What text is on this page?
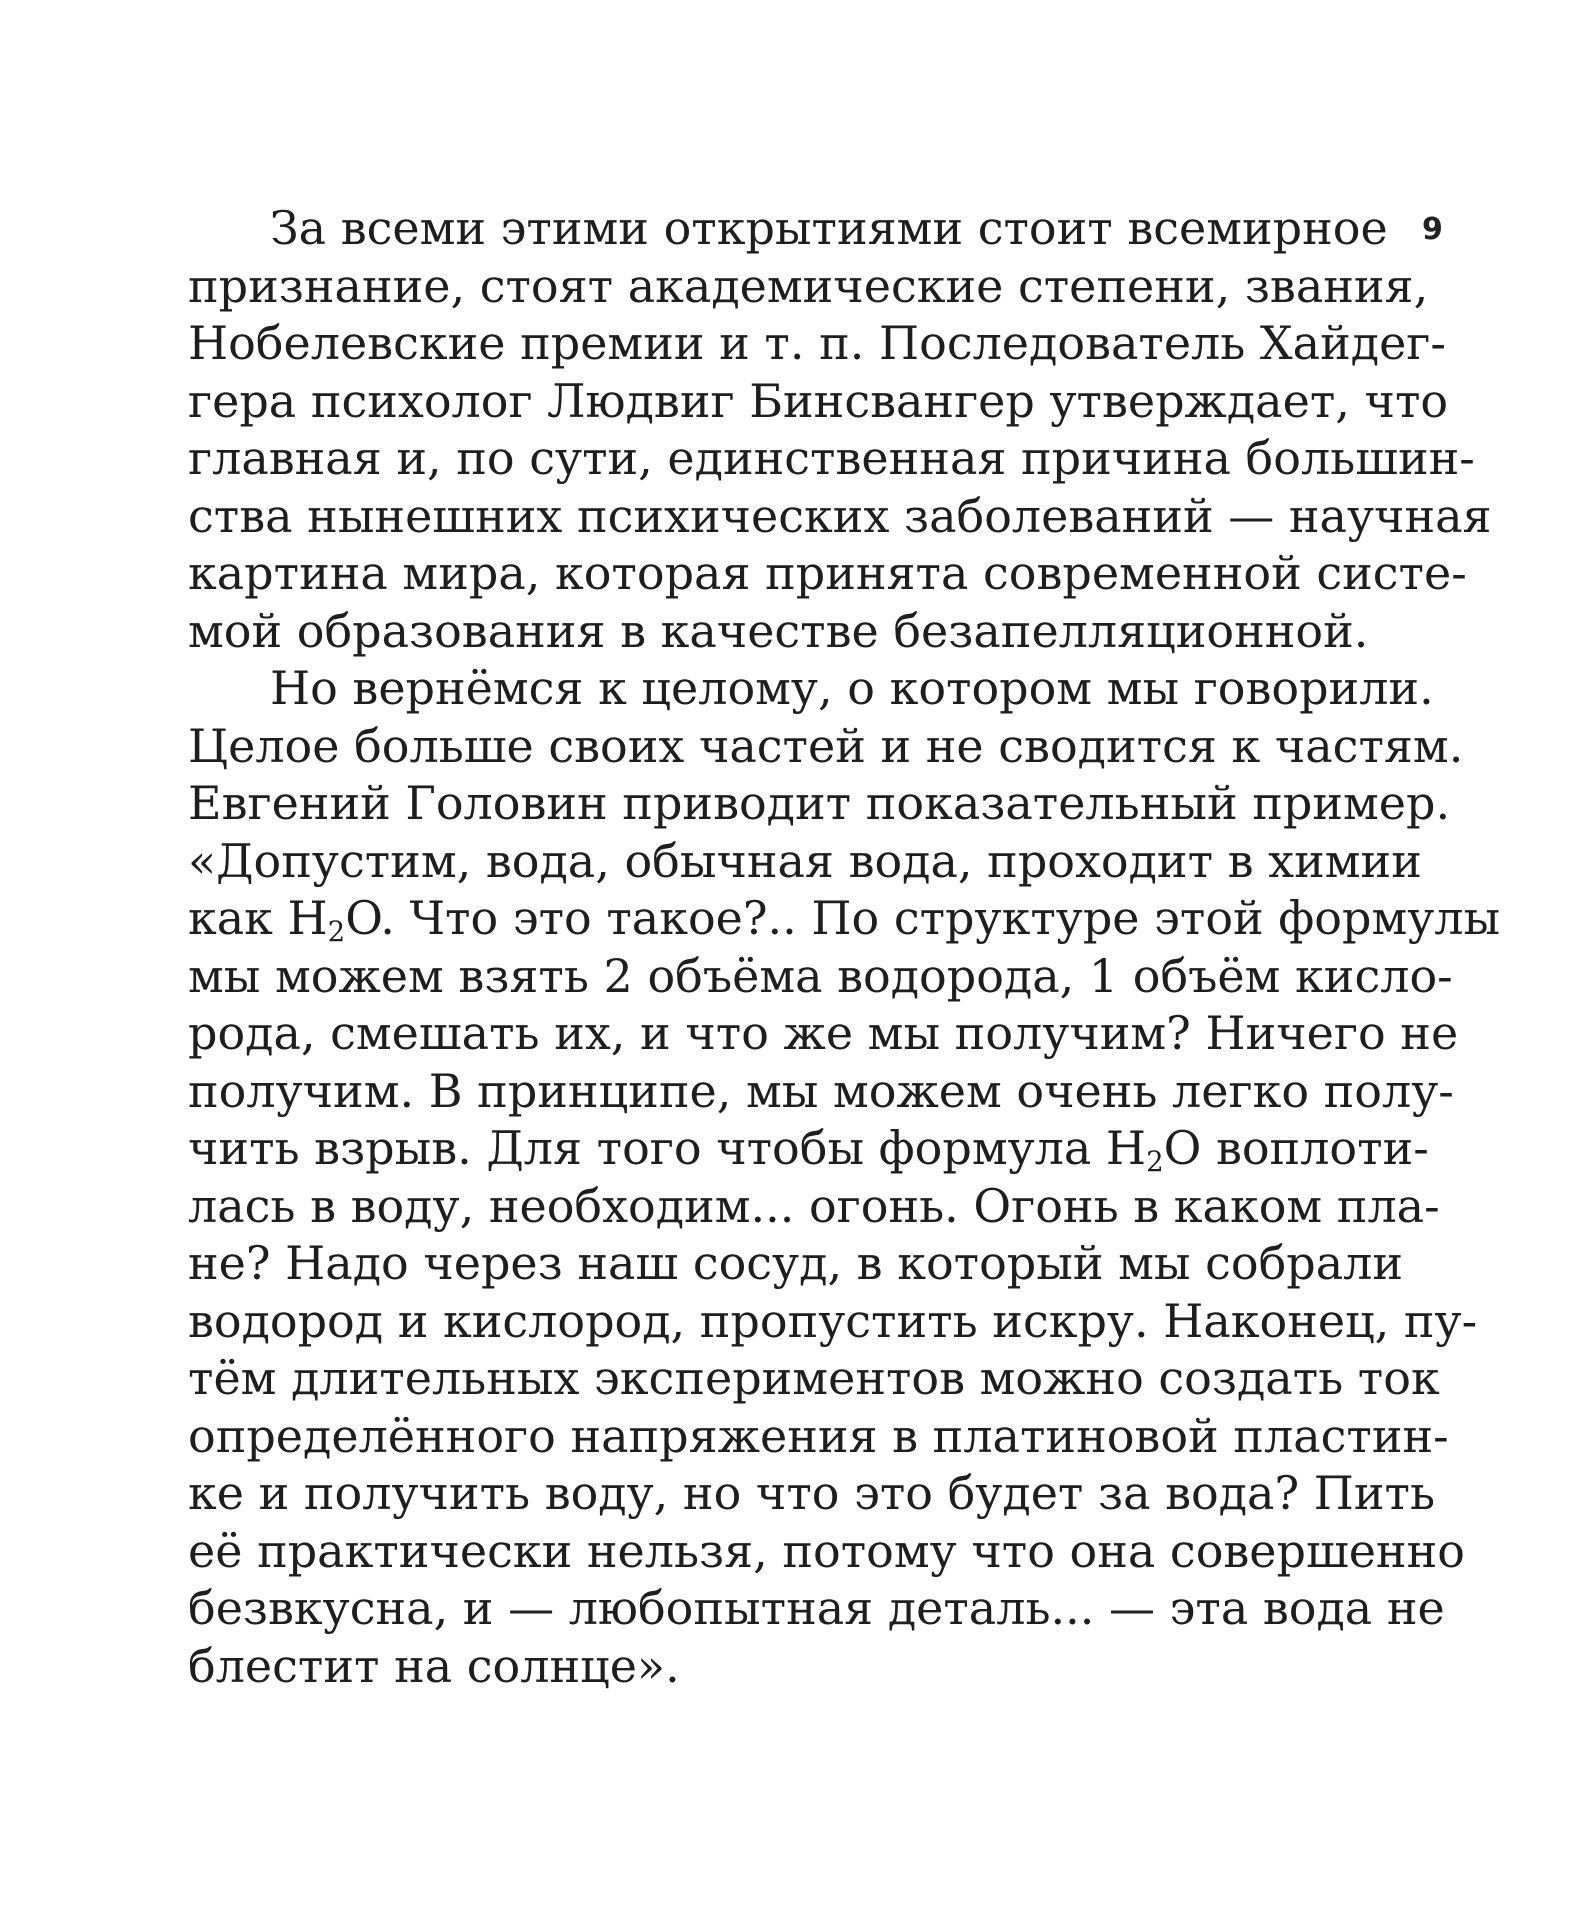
9
За всеми этими открытиями стоит всемирное
признание, стоят академические степени, звания,
Нобелевские премии и т. п. Последователь Хайдег-
гера психолог Людвиг Бинсвангер утверждает, что
главная и, по сути, единственная причина большин-
ства нынешних психических заболеваний — научная
картина мира, которая принята современной систе-
мой образования в качестве безапелляционной.
Но вернёмся к целому, о котором мы говорили.
Целое больше своих частей и не сводится к частям.
Евгений Головин приводит показательный пример.
«Допустим, вода, обычная вода, проходит в химии
как $H_2O$. Что это такое?.. По структуре этой формулы
мы можем взять 2 объёма водорода, 1 объём кисло-
рода, смешать их, и что же мы получим? Ничего не
получим. В принципе, мы можем очень легко полу-
чить взрыв. Для того чтобы формула $H_2O$ воплоти-
лась в воду, необходим... огонь. Огонь в каком пла-
не? Надо через наш сосуд, в который мы собрали
водород и кислород, пропустить искру. Наконец, пу-
тём длительных экспериментов можно создать ток
определённого напряжения в платиновой пластин-
ке и получить воду, но что это будет за вода? Пить
её практически нельзя, потому что она совершенно
безвкусна, и — любопытная деталь... — эта вода не
блестит на солнце».
